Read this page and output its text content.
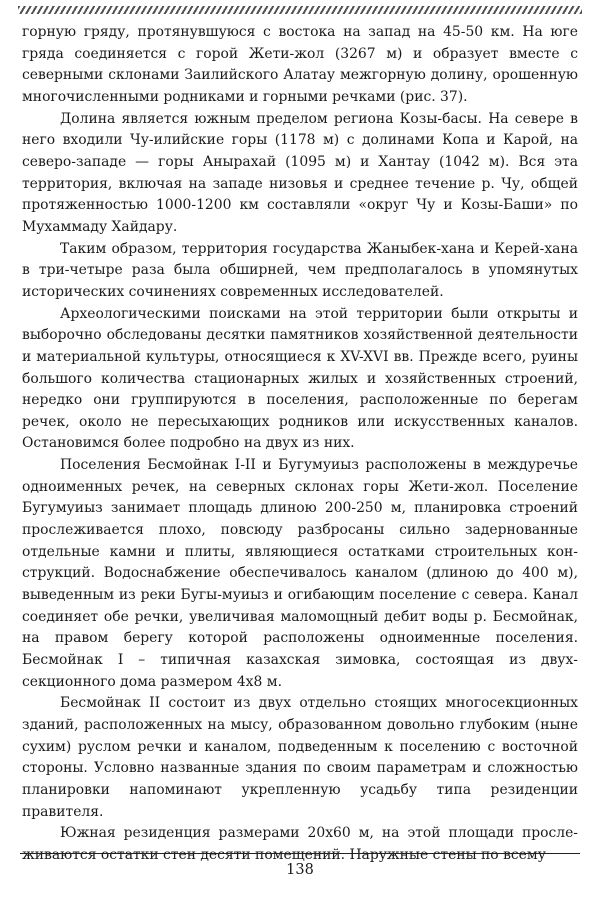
горную гряду, протянувшуюся с востока на запад на 45-50 км. На юге гряда соединяется с горой Жети-жол (3267 м) и образует вместе с северными склонами Заилийского Алатау межгорную долину, орошенную многочисленными родниками и горными речками (рис. 37).

Долина является южным пределом региона Козы-басы. На севере в него входили Чу-илийские горы (1178 м) с долинами Копа и Карой, на северо-западе — горы Анырахай (1095 м) и Хантау (1042 м). Вся эта территория, включая на западе низовья и среднее течение р. Чу, общей протяженностью 1000-1200 км составляли «округ Чу и Козы-Баши» по Мухаммаду Хайдару.

Таким образом, территория государства Жаныбек-хана и Керей-хана в три-четыре раза была обширней, чем предполагалось в упомянутых исторических сочинениях современных исследователей.

Археологическими поисками на этой территории были открыты и выборочно обследованы десятки памятников хозяйственной деятельности и материальной культуры, относящиеся к XV-XVI вв. Прежде всего, руины большого количества стационарных жилых и хозяйственных строений, нередко они группируются в поселения, расположенные по берегам речек, около не пересыхающих родников или искусственных каналов. Остановимся более подробно на двух из них.

Поселения Бесмойнак I-II и Бугумуиыз расположены в междуречье одноименных речек, на северных склонах горы Жети-жол. Поселение Бугумуиыз занимает площадь длиною 200-250 м, планировка строений прослеживается плохо, повсюду разбросаны сильно задернованные отдельные камни и плиты, являющиеся остатками строительных конструкций. Водоснабжение обеспечивалось каналом (длиною до 400 м), выведенным из реки Бугы-муиыз и огибающим поселение с севера. Канал соединяет обе речки, увеличивая маломощный дебит воды р. Бесмойнак, на правом берегу которой расположены одноименные поселения. Бесмойнак I – типичная казахская зимовка, состоящая из двухсекционного дома размером 4х8 м.

Бесмойнак II состоит из двух отдельно стоящих многосекционных зданий, расположенных на мысу, образованном довольно глубоким (ныне сухим) руслом речки и каналом, подведенным к поселению с восточной стороны. Условно названные здания по своим параметрам и сложностью планировки напоминают укрепленную усадьбу типа резиденции правителя.

Южная резиденция размерами 20х60 м, на этой площади прослеживаются остатки стен десяти помещений. Наружные стены по всему

138
